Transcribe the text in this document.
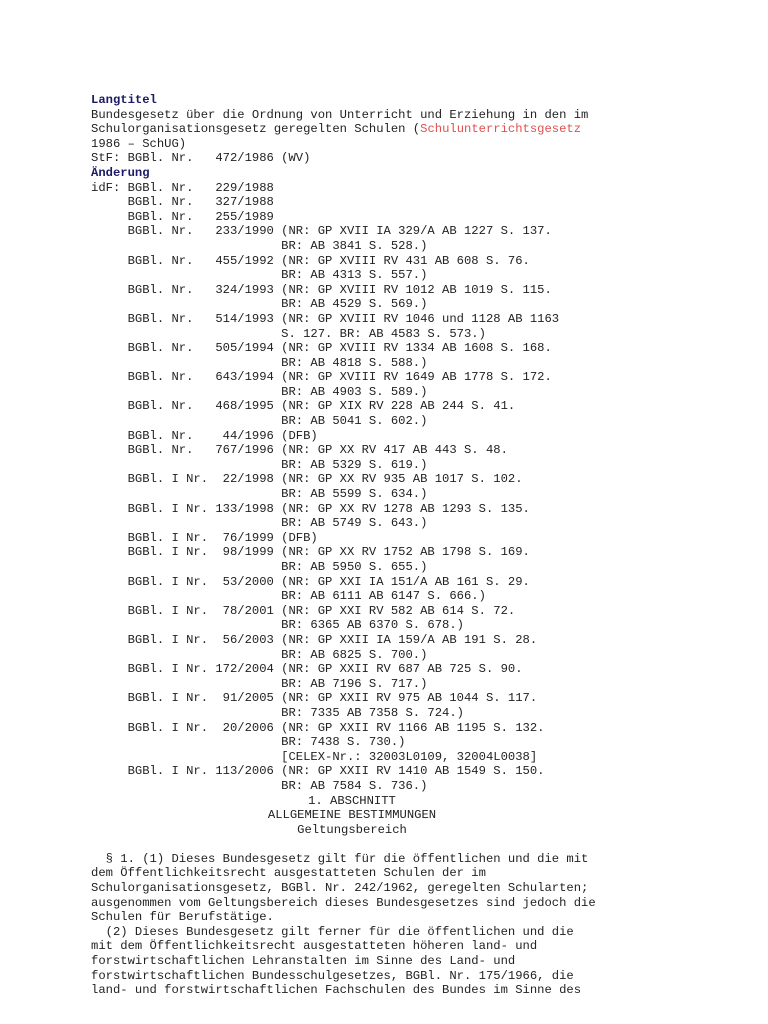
Langtitel
Bundesgesetz über die Ordnung von Unterricht und Erziehung in den im
Schulorganisationsgesetz geregelten Schulen (Schulunterrichtsgesetz
1986 – SchUG)
StF: BGBl. Nr.   472/1986 (WV)
Änderung
idF: BGBl. Nr.   229/1988
BGBl. Nr.   327/1988
BGBl. Nr.   255/1989
BGBl. Nr.   233/1990 (NR: GP XVII IA 329/A AB 1227 S. 137.
BR: AB 3841 S. 528.)
BGBl. Nr.   455/1992 (NR: GP XVIII RV 431 AB 608 S. 76.
BR: AB 4313 S. 557.)
BGBl. Nr.   324/1993 (NR: GP XVIII RV 1012 AB 1019 S. 115.
BR: AB 4529 S. 569.)
BGBl. Nr.   514/1993 (NR: GP XVIII RV 1046 und 1128 AB 1163
S. 127. BR: AB 4583 S. 573.)
BGBl. Nr.   505/1994 (NR: GP XVIII RV 1334 AB 1608 S. 168.
BR: AB 4818 S. 588.)
BGBl. Nr.   643/1994 (NR: GP XVIII RV 1649 AB 1778 S. 172.
BR: AB 4903 S. 589.)
BGBl. Nr.   468/1995 (NR: GP XIX RV 228 AB 244 S. 41.
BR: AB 5041 S. 602.)
BGBl. Nr.    44/1996 (DFB)
BGBl. Nr.   767/1996 (NR: GP XX RV 417 AB 443 S. 48.
BR: AB 5329 S. 619.)
BGBl. I Nr.  22/1998 (NR: GP XX RV 935 AB 1017 S. 102.
BR: AB 5599 S. 634.)
BGBl. I Nr. 133/1998 (NR: GP XX RV 1278 AB 1293 S. 135.
BR: AB 5749 S. 643.)
BGBl. I Nr.  76/1999 (DFB)
BGBl. I Nr.  98/1999 (NR: GP XX RV 1752 AB 1798 S. 169.
BR: AB 5950 S. 655.)
BGBl. I Nr.  53/2000 (NR: GP XXI IA 151/A AB 161 S. 29.
BR: AB 6111 AB 6147 S. 666.)
BGBl. I Nr.  78/2001 (NR: GP XXI RV 582 AB 614 S. 72.
BR: 6365 AB 6370 S. 678.)
BGBl. I Nr.  56/2003 (NR: GP XXII IA 159/A AB 191 S. 28.
BR: AB 6825 S. 700.)
BGBl. I Nr. 172/2004 (NR: GP XXII RV 687 AB 725 S. 90.
BR: AB 7196 S. 717.)
BGBl. I Nr.  91/2005 (NR: GP XXII RV 975 AB 1044 S. 117.
BR: 7335 AB 7358 S. 724.)
BGBl. I Nr.  20/2006 (NR: GP XXII RV 1166 AB 1195 S. 132.
BR: 7438 S. 730.)
[CELEX-Nr.: 32003L0109, 32004L0038]
BGBl. I Nr. 113/2006 (NR: GP XXII RV 1410 AB 1549 S. 150.
BR: AB 7584 S. 736.)
1. ABSCHNITT
ALLGEMEINE BESTIMMUNGEN
Geltungsbereich
§ 1. (1) Dieses Bundesgesetz gilt für die öffentlichen und die mit
dem Öffentlichkeitsrecht ausgestatteten Schulen der im
Schulorganisationsgesetz, BGBl. Nr. 242/1962, geregelten Schularten;
ausgenommen vom Geltungsbereich dieses Bundesgesetzes sind jedoch die
Schulen für Berufstätige.
(2) Dieses Bundesgesetz gilt ferner für die öffentlichen und die
mit dem Öffentlichkeitsrecht ausgestatteten höheren land- und
forstwirtschaftlichen Lehranstalten im Sinne des Land- und
forstwirtschaftlichen Bundesschulgesetzes, BGBl. Nr. 175/1966, die
land- und forstwirtschaftlichen Fachschulen des Bundes im Sinne des
